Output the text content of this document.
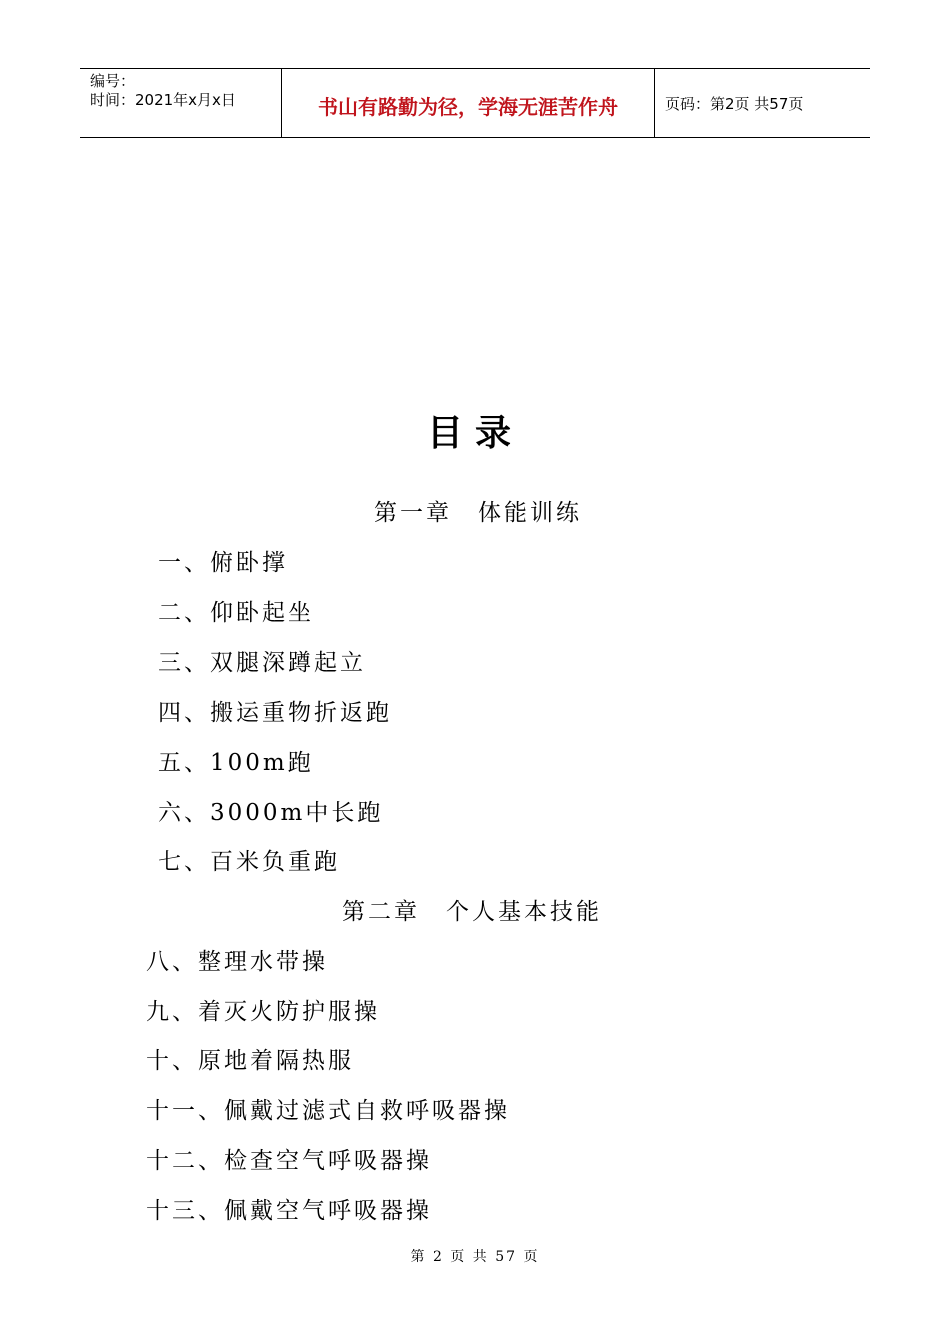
编号：
时间：2021年x月x日	书山有路勤为径，学海无涯苦作舟	页码：第2页 共57页
目录
第一章　体能训练
一、俯卧撑
二、仰卧起坐
三、双腿深蹲起立
四、搬运重物折返跑
五、100m跑
六、3000m中长跑
七、百米负重跑
第二章　个人基本技能
八、整理水带操
九、着灭火防护服操
十、原地着隔热服
十一、佩戴过滤式自救呼吸器操
十二、检查空气呼吸器操
十三、佩戴空气呼吸器操
第 2 页 共 57 页
